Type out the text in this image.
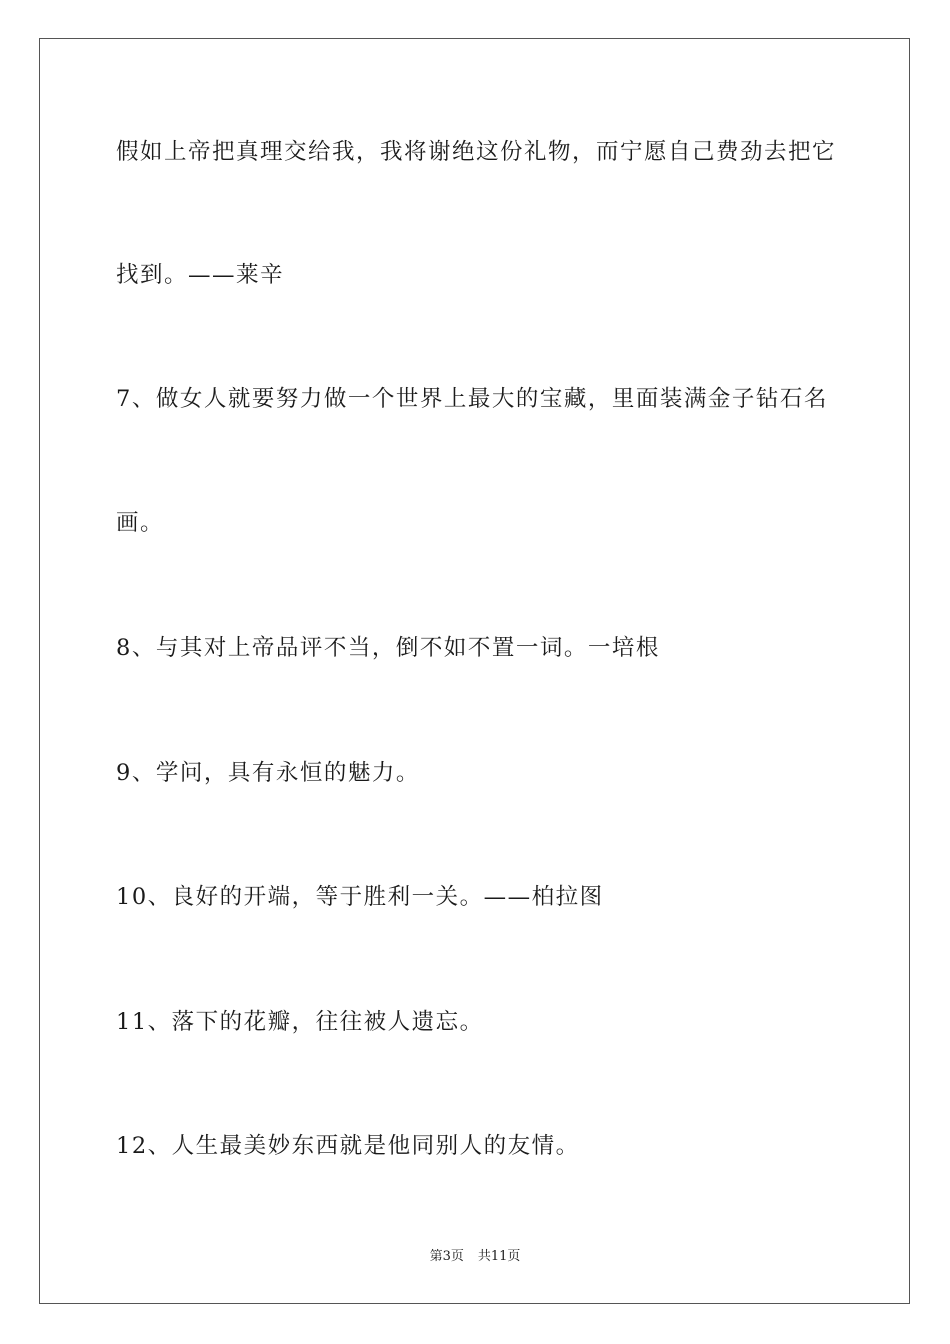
假如上帝把真理交给我，我将谢绝这份礼物，而宁愿自己费劲去把它
找到。——莱辛
7、做女人就要努力做一个世界上最大的宝藏，里面装满金子钻石名
画。
8、与其对上帝品评不当，倒不如不置一词。一培根
9、学问，具有永恒的魅力。
10、良好的开端，等于胜利一关。——柏拉图
11、落下的花瓣，往往被人遗忘。
12、人生最美妙东西就是他同别人的友情。
第3页 共11页
